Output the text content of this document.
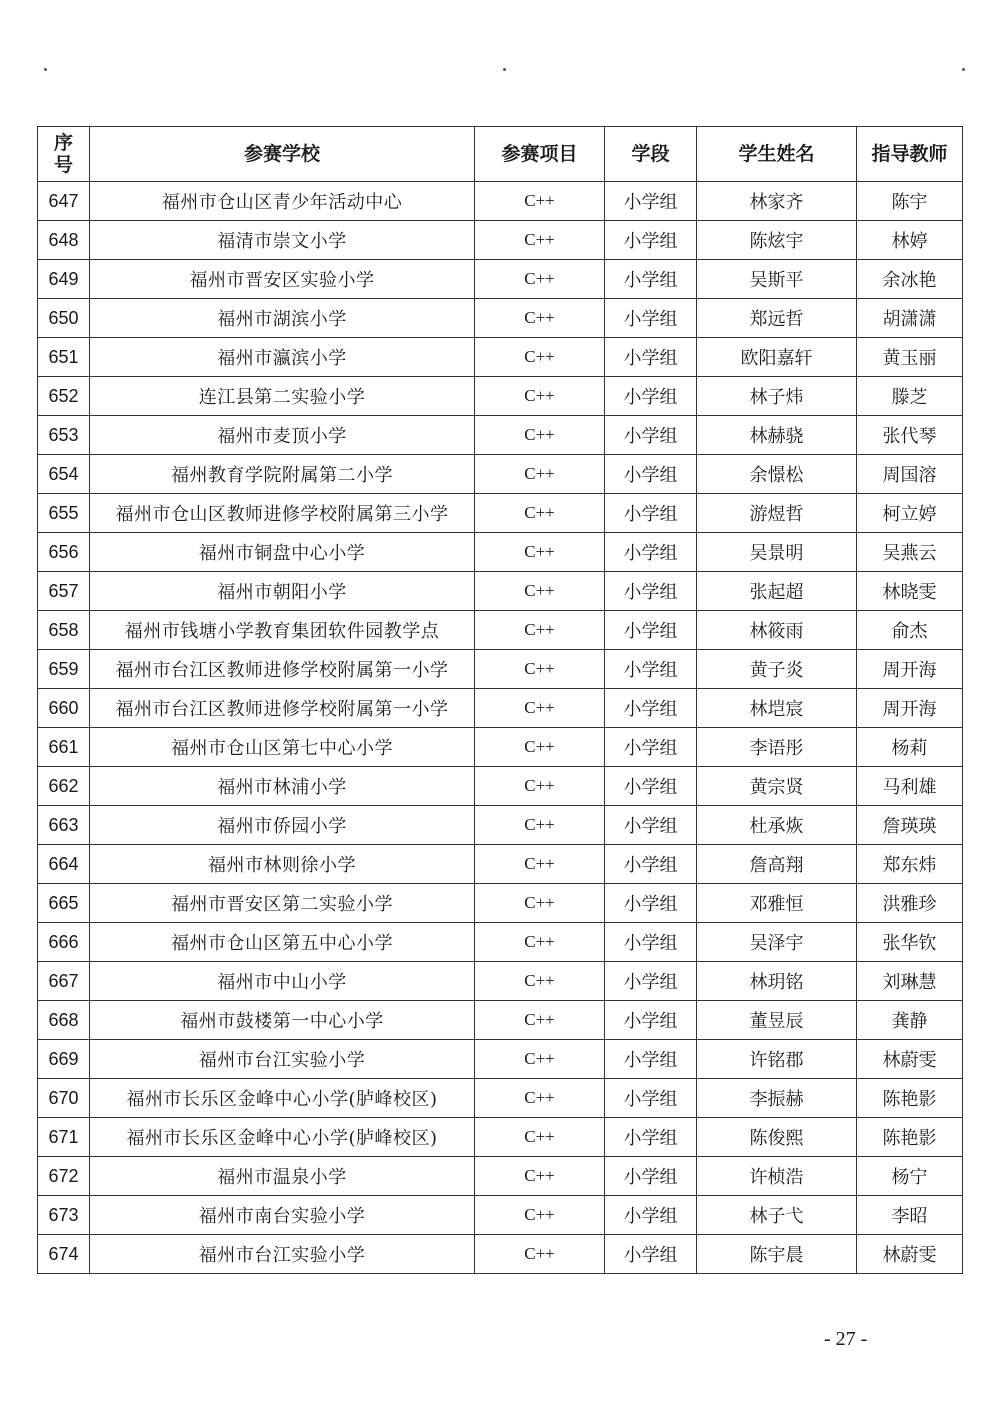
序号	参赛学校	参赛项目	学段	学生姓名	指导教师
647	福州市仓山区青少年活动中心	C++	小学组	林家齐	陈宇
648	福清市崇文小学	C++	小学组	陈炫宇	林婷
649	福州市晋安区实验小学	C++	小学组	吴斯平	余冰艳
650	福州市湖滨小学	C++	小学组	郑远哲	胡潇潇
651	福州市瀛滨小学	C++	小学组	欧阳嘉轩	黄玉丽
652	连江县第二实验小学	C++	小学组	林子炜	滕芝
653	福州市麦顶小学	C++	小学组	林赫骁	张代琴
654	福州教育学院附属第二小学	C++	小学组	余憬松	周国溶
655	福州市仓山区教师进修学校附属第三小学	C++	小学组	游煜哲	柯立婷
656	福州市铜盘中心小学	C++	小学组	吴景明	吴燕云
657	福州市朝阳小学	C++	小学组	张起超	林晓雯
658	福州市钱塘小学教育集团软件园教学点	C++	小学组	林筱雨	俞杰
659	福州市台江区教师进修学校附属第一小学	C++	小学组	黄子炎	周开海
660	福州市台江区教师进修学校附属第一小学	C++	小学组	林垲宸	周开海
661	福州市仓山区第七中心小学	C++	小学组	李语彤	杨莉
662	福州市林浦小学	C++	小学组	黄宗贤	马利雄
663	福州市侨园小学	C++	小学组	杜承烣	詹瑛瑛
664	福州市林则徐小学	C++	小学组	詹高翔	郑东炜
665	福州市晋安区第二实验小学	C++	小学组	邓雅恒	洪雅珍
666	福州市仓山区第五中心小学	C++	小学组	吴泽宇	张华钦
667	福州市中山小学	C++	小学组	林玥铭	刘琳慧
668	福州市鼓楼第一中心小学	C++	小学组	董昱辰	龚静
669	福州市台江实验小学	C++	小学组	许铭郡	林蔚雯
670	福州市长乐区金峰中心小学(胪峰校区)	C++	小学组	李振赫	陈艳影
671	福州市长乐区金峰中心小学(胪峰校区)	C++	小学组	陈俊熙	陈艳影
672	福州市温泉小学	C++	小学组	许桢浩	杨宁
673	福州市南台实验小学	C++	小学组	林子弋	李昭
674	福州市台江实验小学	C++	小学组	陈宇晨	林蔚雯
- 27 -
